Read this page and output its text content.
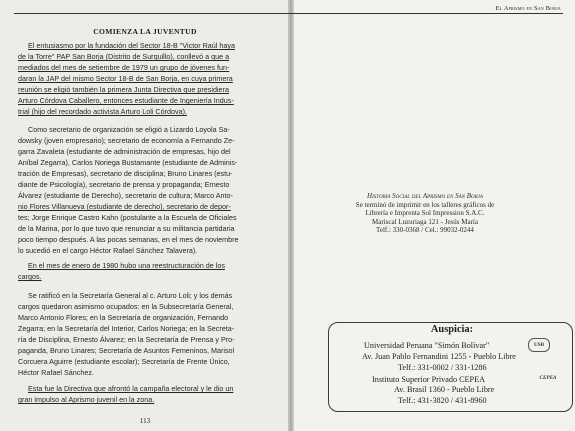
El Aprismo en San Borja
COMIENZA LA JUVENTUD

El entusiasmo por la fundación del Sector 18-B "Victor Raúl haya

de la Torre" PAP San Borja (Distrito de Surquillo), conllevó a que a

mediados del mes de setiembre de 1979 un grupo de jóvenes fun-

daran la JAP del mismo Sector 18-B de San Borja, en cuya primera

reunión se eligió también la primera Junta Directiva que presidiera

Arturo Córdova Caballero, entonces estudiante de Ingeniería Indus-

trial (hijo del recordado activista Arturo Loli Córdova).

Como secretario de organización se eligió a Lizardo Loyola Sa-

dowsky (joven empresario); secretario de economía a Fernando Ze-

garra Zavaleta (estudiante de administración de empresas, hijo del

Aníbal Zegarra), Carlos Noriega Bustamante (estudiante de Adminis-

tración de Empresas), secretario de disciplina; Bruno Linares (estu-

diante de Psicología), secretario de prensa y propaganda; Ernesto

Álvarez (estudiante de Derecho), secretario de cultura; Marco Anto-

nio Flores Villanueva (estudiante de derecho), secretario de depor-

tes; Jorge Enrique Castro Kahn (postulante a la Escuela de Oficiales

de la Marina, por lo que tuvo que renunciar a su militancia partidaria

poco tiempo después. A las pocas semanas, en el mes de noviembre

lo sucedió en el cargo Héctor Rafael Sánchez Talavera).

En el mes de enero de 1980 hubo una reestructuración de los

cargos.

Se ratificó en la Secretaría General al c. Arturo Loli; y los demás

cargos quedaron asimismo ocupados: en la Subsecretaría General,

Marco Antonio Flores; en la Secretaría de organización, Fernando

Zegarra; en la Secretaría del Interior, Carlos Noriega; en la Secreta-

ría de Disciplina, Ernesto Álvarez; en la Secretaría de Prensa y Pro-

paganda, Bruno Linares; Secretaría de Asuntos Femeninos, Marisol

Corcuera Aguirre (estudiante escolar); Secretaría de Frente Único,

Héctor Rafael Sánchez.

Esta fue la Directiva que afrontó la campaña electoral y le dio un

gran impulso al Aprismo juvenil en la zona.

113
Historia Social del Aprismo en San Borja
Se terminó de imprimir en los talleres gráficos de
Librería e Imprenta Sol Impression S.A.C.
Mariscal Luzuriaga 121 - Jesús María
Telf.: 330-0368 / Cel.: 99032-0244
Auspicia:
Universidad Peruana "Simón Bolívar"	USB
Av. Juan Pablo Fernandini 1255 - Pueblo Libre
Telf.: 331-0002 / 331-1286
Instituto Superior Privado CEPEA	CEPEA
Av. Brasil 1360 - Pueblo Libre
Telf.: 431-3820 / 431-8960
